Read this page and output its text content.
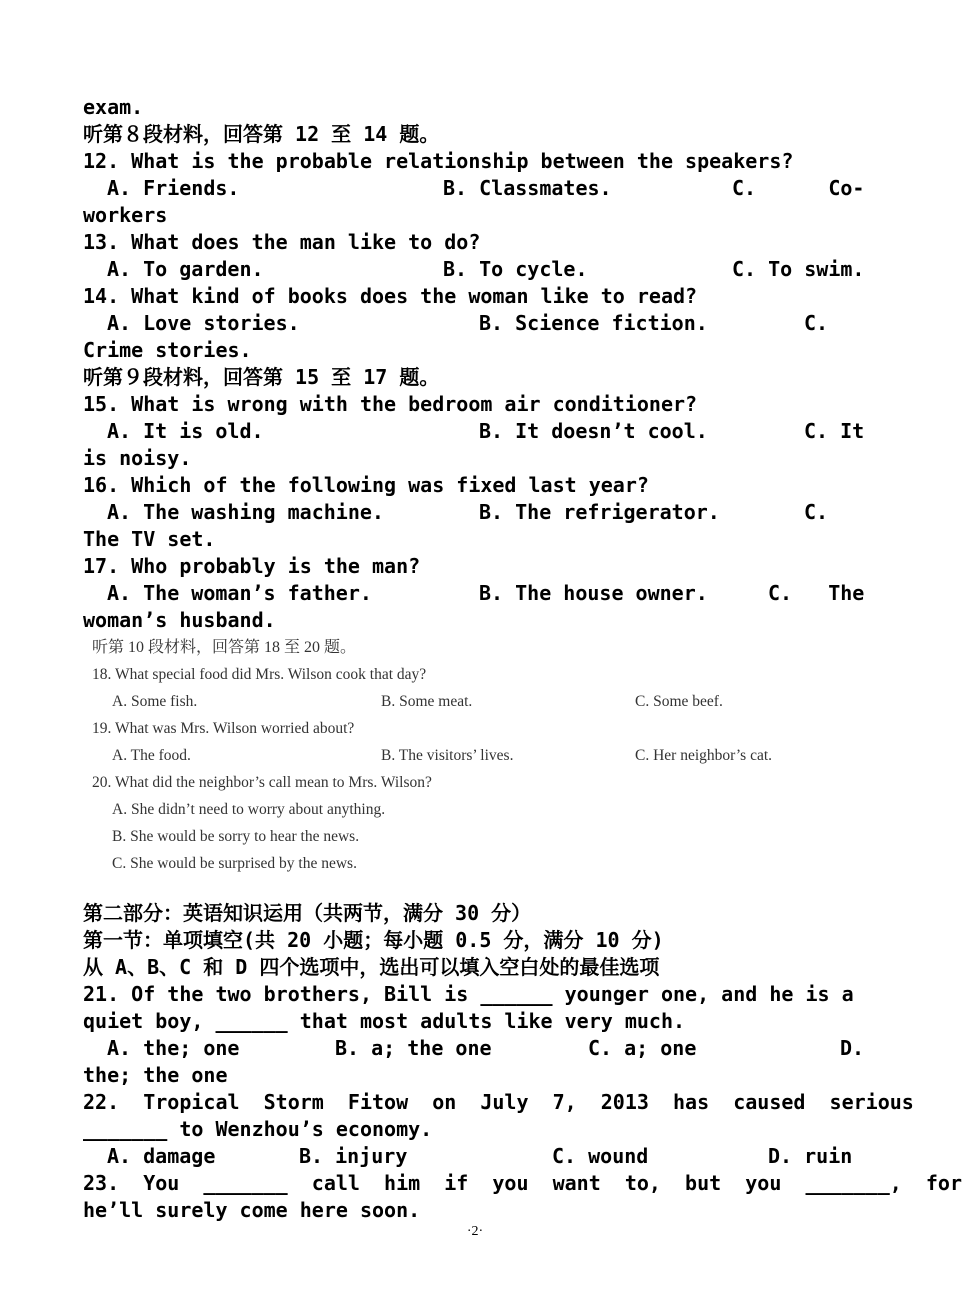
exam.

听第８段材料，回答第 12 至 14 题。

12. What is the probable relationship between the speakers?

A. Friends.

	B. Classmates.

	C.      Co-

workers

13. What does the man like to do?

A. To garden.

	B. To cycle.

	C. To swim.

14. What kind of books does the woman like to read?

A. Love stories.

	B. Science fiction.

	C.

Crime stories.

听第９段材料，回答第 15 至 17 题。

15. What is wrong with the bedroom air conditioner?

A. It is old.

	B. It doesn’t cool.

	C. It

is noisy.

16. Which of the following was fixed last year?

A. The washing machine.

	B. The refrigerator.

	C.

The TV set.

17. Who probably is the man?

A. The woman’s father.

	B. The house owner.

	C.   The

woman’s husband.

听第 10 段材料，回答第 18 至 20 题。
18. What special food did Mrs. Wilson cook that day?

A. Some fish.

	B. Some meat.

	C. Some beef.

19. What was Mrs. Wilson worried about?

A. The food.

	B. The visitors’ lives.

	C. Her neighbor’s cat.

20. What did the neighbor’s call mean to Mrs. Wilson?
A. She didn’t need to worry about anything.
B. She would be sorry to hear the news.
C. She would be surprised by the news.

第二部分：英语知识运用（共两节，满分 30 分）

第一节：单项填空(共 20 小题；每小题 0.5 分，满分 10 分)

从 A、B、C 和 D 四个选项中，选出可以填入空白处的最佳选项

21. Of the two brothers, Bill is ______ younger one, and he is a

quiet boy, ______ that most adults like very much.

A. the; one

	B. a; the one

	C. a; one

	D.

the; the one

22.  Tropical  Storm  Fitow  on  July  7,  2013  has  caused  serious

_______ to Wenzhou’s economy.

A. damage

	B. injury

	C. wound

	D. ruin

23.  You  _______  call  him  if  you  want  to,  but  you  _______,  for

he’ll surely come here soon.

·2·
